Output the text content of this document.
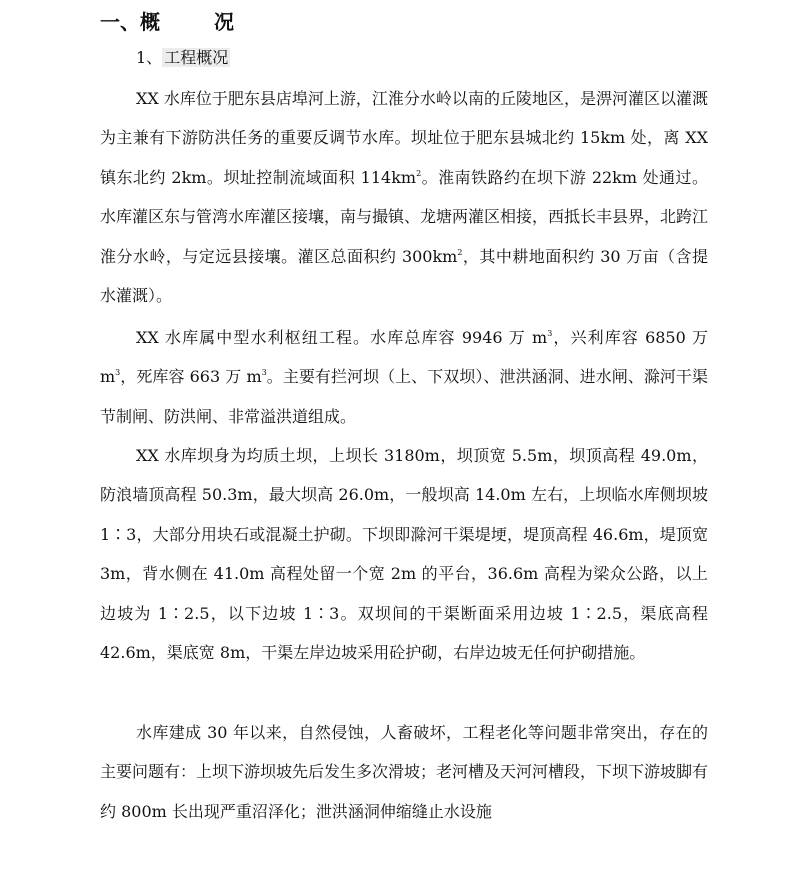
一、概	况
1、 工程概况

XX 水库位于肥东县店埠河上游，江淮分水岭以南的丘陵地区，是淠河灌区以灌溉为主兼有下游防洪任务的重要反调节水库。坝址位于肥东县城北约 15km 处，离 XX 镇东北约 2km。坝址控制流域面积 $114km^2$。淮南铁路约在坝下游 22km 处通过。水库灌区东与管湾水库灌区接壤，南与撮镇、龙塘两灌区相接，西抵长丰县界，北跨江淮分水岭，与定远县接壤。灌区总面积约 $300km^2$，其中耕地面积约 30 万亩（含提水灌溉）。

XX 水库属中型水利枢纽工程。水库总库容 9946 万 $m^3$，兴利库容 6850 万 $m^3$，死库容 663 万 $m^3$。主要有拦河坝（上、下双坝）、泄洪涵洞、进水闸、滁河干渠节制闸、防洪闸、非常溢洪道组成。

XX 水库坝身为均质土坝，上坝长 3180m，坝顶宽 5.5m，坝顶高程 49.0m，防浪墙顶高程 50.3m，最大坝高 26.0m，一般坝高 14.0m 左右，上坝临水库侧坝坡 1∶3，大部分用块石或混凝土护砌。下坝即滁河干渠堤埂，堤顶高程 46.6m，堤顶宽 3m，背水侧在 41.0m 高程处留一个宽 2m 的平台，36.6m 高程为梁众公路，以上边坡为 1∶2.5，以下边坡 1∶3。双坝间的干渠断面采用边坡 1∶2.5，渠底高程 42.6m，渠底宽 8m，干渠左岸边坡采用砼护砌，右岸边坡无任何护砌措施。

水库建成 30 年以来，自然侵蚀，人畜破坏，工程老化等问题非常突出，存在的主要问题有：上坝下游坝坡先后发生多次滑坡；老河槽及天河河槽段，下坝下游坡脚有约 800m 长出现严重沼泽化；泄洪涵洞伸缩缝止水设施
